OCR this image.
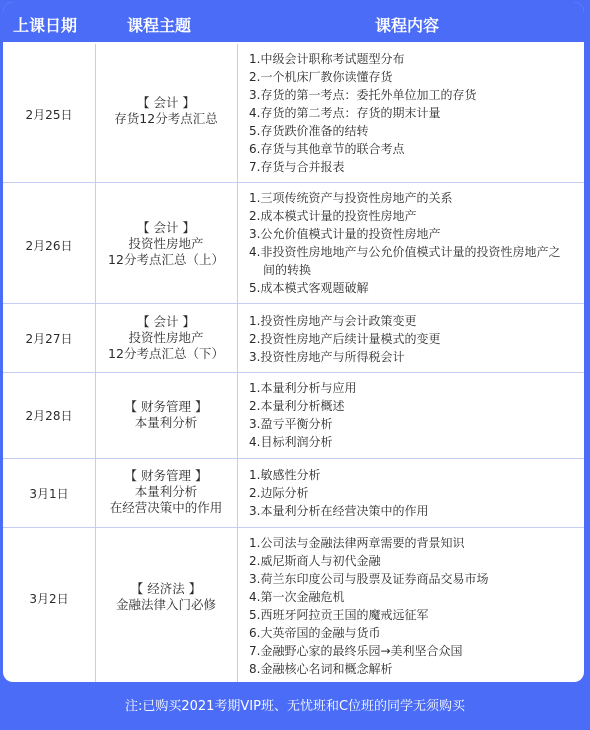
上课日期	课程主题	课程内容
2月25日
【 会计 】
存货12分考点汇总
1.中级会计职称考试题型分布
2.一个机床厂教你读懂存货
3.存货的第一考点：委托外单位加工的存货
4.存货的第二考点：存货的期末计量
5.存货跌价准备的结转
6.存货与其他章节的联合考点
7.存货与合并报表
2月26日
【 会计 】
投资性房地产
12分考点汇总（上）
1.三项传统资产与投资性房地产的关系
2.成本模式计量的投资性房地产
3.公允价值模式计量的投资性房地产
4.非投资性房地地产与公允价值模式计量的投资性房地产之间的转换
5.成本模式客观题破解
2月27日
【 会计 】
投资性房地产
12分考点汇总（下）
1.投资性房地产与会计政策变更
2.投资性房地产后续计量模式的变更
3.投资性房地产与所得税会计
2月28日
【 财务管理 】
本量利分析
1.本量利分析与应用
2.本量利分析概述
3.盈亏平衡分析
4.目标利润分析
3月1日
【 财务管理 】
本量利分析
在经营决策中的作用
1.敏感性分析
2.边际分析
3.本量利分析在经营决策中的作用
3月2日
【 经济法 】
金融法律入门必修
1.公司法与金融法律两章需要的背景知识
2.威尼斯商人与初代金融
3.荷兰东印度公司与股票及证券商品交易市场
4.第一次金融危机
5.西班牙阿拉贡王国的魔戒远征军
6.大英帝国的金融与货币
7.金融野心家的最终乐园→美利坚合众国
8.金融核心名词和概念解析
注:已购买2021考期VIP班、无忧班和C位班的同学无须购买
